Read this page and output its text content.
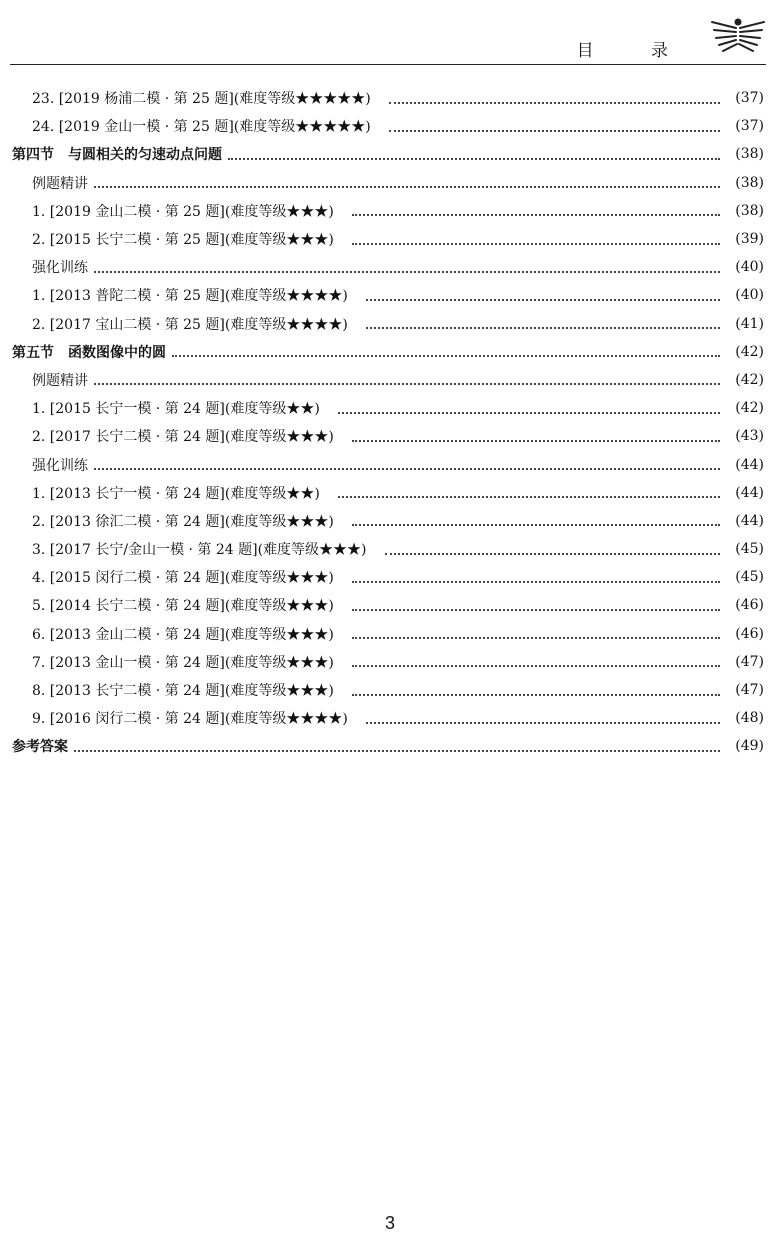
目 录
23. [2019 杨浦二模 · 第 25 题](难度等级★★★★★)	(37)
24. [2019 金山一模 · 第 25 题](难度等级★★★★★)	(37)
第四节　与圆相关的匀速动点问题	(38)
例题精讲	(38)
1. [2019 金山二模 · 第 25 题](难度等级★★★)	(38)
2. [2015 长宁二模 · 第 25 题](难度等级★★★)	(39)
强化训练	(40)
1. [2013 普陀二模 · 第 25 题](难度等级★★★★)	(40)
2. [2017 宝山二模 · 第 25 题](难度等级★★★★)	(41)
第五节　函数图像中的圆	(42)
例题精讲	(42)
1. [2015 长宁一模 · 第 24 题](难度等级★★)	(42)
2. [2017 长宁二模 · 第 24 题](难度等级★★★)	(43)
强化训练	(44)
1. [2013 长宁一模 · 第 24 题](难度等级★★)	(44)
2. [2013 徐汇二模 · 第 24 题](难度等级★★★)	(44)
3. [2017 长宁/金山一模 · 第 24 题](难度等级★★★)	(45)
4. [2015 闵行二模 · 第 24 题](难度等级★★★)	(45)
5. [2014 长宁二模 · 第 24 题](难度等级★★★)	(46)
6. [2013 金山二模 · 第 24 题](难度等级★★★)	(46)
7. [2013 金山一模 · 第 24 题](难度等级★★★)	(47)
8. [2013 长宁二模 · 第 24 题](难度等级★★★)	(47)
9. [2016 闵行二模 · 第 24 题](难度等级★★★★)	(48)
参考答案	(49)
3
